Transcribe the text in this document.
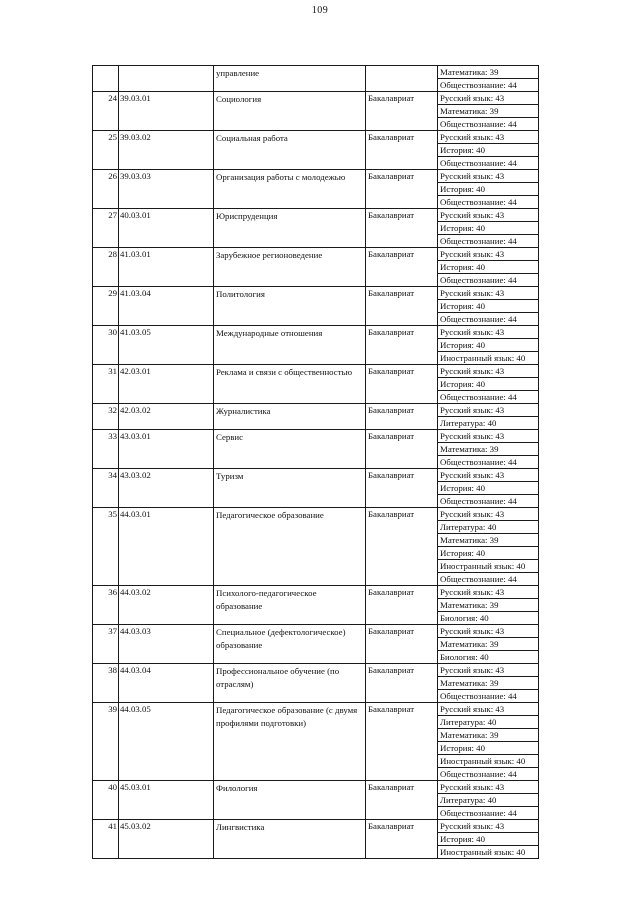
109
		управление		Математика: 39
				Обществознание: 44
24	39.03.01	Социология	Бакалавриат	Русский язык: 43
				Математика: 39
				Обществознание: 44
25	39.03.02	Социальная работа	Бакалавриат	Русский язык: 43
				История: 40
				Обществознание: 44
26	39.03.03	Организация работы с молодежью	Бакалавриат	Русский язык: 43
				История: 40
				Обществознание: 44
27	40.03.01	Юриспруденция	Бакалавриат	Русский язык: 43
				История: 40
				Обществознание: 44
28	41.03.01	Зарубежное регионоведение	Бакалавриат	Русский язык: 43
				История: 40
				Обществознание: 44
29	41.03.04	Политология	Бакалавриат	Русский язык: 43
				История: 40
				Обществознание: 44
30	41.03.05	Международные отношения	Бакалавриат	Русский язык: 43
				История: 40
				Иностранный язык: 40
31	42.03.01	Реклама и связи с общественностью	Бакалавриат	Русский язык: 43
				История: 40
				Обществознание: 44
32	42.03.02	Журналистика	Бакалавриат	Русский язык: 43
				Литература: 40
33	43.03.01	Сервис	Бакалавриат	Русский язык: 43
				Математика: 39
				Обществознание: 44
34	43.03.02	Туризм	Бакалавриат	Русский язык: 43
				История: 40
				Обществознание: 44
35	44.03.01	Педагогическое образование	Бакалавриат	Русский язык: 43
				Литература: 40
				Математика: 39
				История: 40
				Иностранный язык: 40
				Обществознание: 44
36	44.03.02	Психолого-педагогическое образование	Бакалавриат	Русский язык: 43
				Математика: 39
				Биология: 40
37	44.03.03	Специальное (дефектологическое) образование	Бакалавриат	Русский язык: 43
				Математика: 39
				Биология: 40
38	44.03.04	Профессиональное обучение (по отраслям)	Бакалавриат	Русский язык: 43
				Математика: 39
				Обществознание: 44
39	44.03.05	Педагогическое образование (с двумя профилями подготовки)	Бакалавриат	Русский язык: 43
				Литература: 40
				Математика: 39
				История: 40
				Иностранный язык: 40
				Обществознание: 44
40	45.03.01	Филология	Бакалавриат	Русский язык: 43
				Литература: 40
				Обществознание: 44
41	45.03.02	Лингвистика	Бакалавриат	Русский язык: 43
				История: 40
				Иностранный язык: 40
